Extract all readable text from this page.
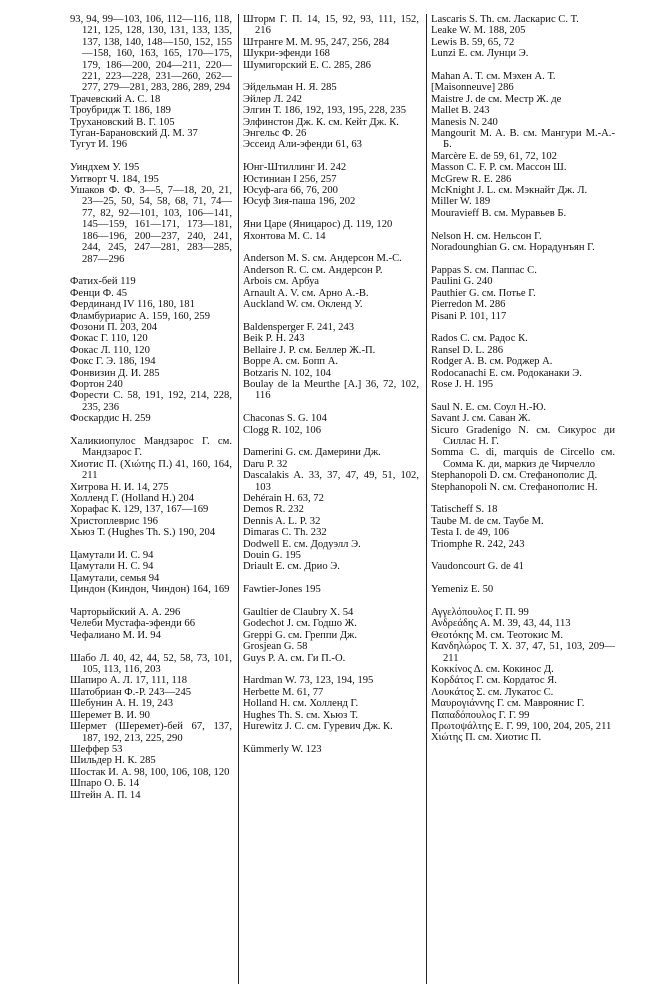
93, 94, 99—103, 106, 112—116, 118, 121, 125, 128, 130, 131, 133, 135, 137, 138, 140, 148—150, 152, 155—158, 160, 163, 165, 170—175, 179, 186—200, 204—211, 220—221, 223—228, 231—260, 262—277, 279—281, 283, 286, 289, 294
Трачевский А. С. 18
Троубридж Т. 186, 189
Трухановский В. Г. 105
Туган-Барановский Д. М. 37
Тугут И. 196
Уиндхем У. 195
Уитворт Ч. 184, 195
Ушаков Ф. Ф. 3—5, 7—18, 20, 21, 23—25, 50, 54, 58, 68, 71, 74—77, 82, 92—101, 103, 106—141, 145—159, 161—171, 173—181, 186—196, 200—237, 240, 241, 244, 245, 247—281, 283—285, 287—296
Фатих-бей 119
Фенци Ф. 45
Фердинанд IV 116, 180, 181
Фламбуриарис А. 159, 160, 259
Фозони П. 203, 204
Фокас Г. 110, 120
Фокас Л. 110, 120
Фокс Г. Э. 186, 194
Фонвизин Д. И. 285
Фортон 240
Форести С. 58, 191, 192, 214, 228, 235, 236
Фоскардис Н. 259
Халикиопулос Мандзарос Г. см. Мандзарос Г.
Хиотис П. (Χιώτης Π.) 41, 160, 164, 211
Хитрова Н. И. 14, 275
Холленд Г. (Holland H.) 204
Хорафас К. 129, 137, 167—169
Христоплеврис 196
Хьюз Т. (Hughes Th. S.) 190, 204
Цамутали И. С. 94
Цамутали Н. С. 94
Цамутали, семья 94
Циндон (Киндон, Чиндон) 164, 169
Чарторыйский А. А. 296
Челеби Мустафа-эфенди 66
Чефалиано М. И. 94
Шабо Л. 40, 42, 44, 52, 58, 73, 101, 105, 113, 116, 203
Шапиро А. Л. 17, 111, 118
Шатобриан Ф.-Р. 243—245
Шебунин А. Н. 19, 243
Шеремет В. И. 90
Шермет (Шеремет)-бей 67, 137, 187, 192, 213, 225, 290
Шеффер 53
Шильдер Н. К. 285
Шостак И. А. 98, 100, 106, 108, 120
Шпаро О. Б. 14
Штейн А. П. 14
Шторм Г. П. 14, 15, 92, 93, 111, 152, 216
Штранге М. М. 95, 247, 256, 284
Шукри-эфенди 168
Шумигорский Е. С. 285, 286
Эйдельман Н. Я. 285
Эйлер Л. 242
Элгин Т. 186, 192, 193, 195, 228, 235
Элфинстон Дж. К. см. Кейт Дж. К.
Энгельс Ф. 26
Эссеид Али-эфенди 61, 63
Юнг-Штиллинг И. 242
Юстиниан I 256, 257
Юсуф-ага 66, 76, 200
Юсуф Зия-паша 196, 202
Яни Царе (Яницарос) Д. 119, 120
Яхонтова М. С. 14
Anderson M. S. см. Андерсон М.-С.
Anderson R. C. см. Андерсон Р.
Arbois см. Арбуа
Arnault A. V. см. Арно А.-В.
Auckland W. см. Окленд У.
Baldensperger F. 241, 243
Beik P. H. 243
Bellaire J. P. см. Беллер Ж.-П.
Boppe A. см. Бопп А.
Botzaris N. 102, 104
Boulay de la Meurthe [A.] 36, 72, 102, 116
Chaconas S. G. 104
Clogg R. 102, 106
Damerini G. см. Дамерини Дж.
Daru P. 32
Dascalakis A. 33, 37, 47, 49, 51, 102, 103
Dehérain H. 63, 72
Demos R. 232
Dennis A. L. P. 32
Dimaras C. Th. 232
Dodwell E. см. Додуэлл Э.
Douin G. 195
Driault E. см. Дрио Э.
Fawtier-Jones 195
Gaultier de Claubry X. 54
Godechot J. см. Годшо Ж.
Greppi G. см. Греппи Дж.
Grosjean G. 58
Guys P. A. см. Ги П.-О.
Hardman W. 73, 123, 194, 195
Herbette M. 61, 77
Holland H. см. Холленд Г.
Hughes Th. S. см. Хьюз Т.
Hurewitz J. C. см. Гуревич Дж. К.
Kümmerly W. 123
Lascaris S. Th. см. Ласкарис С. Т.
Leake W. M. 188, 205
Lewis B. 59, 65, 72
Lunzi E. см. Лунци Э.
Mahan A. T. см. Мэхен А. Т.
[Maisonneuve] 286
Maistre J. de см. Местр Ж. де
Mallet B. 243
Manesis N. 240
Mangourit M. A. B. см. Мангури М.-А.-Б.
Marcère E. de 59, 61, 72, 102
Masson C. F. P. см. Массон Ш.
McGrew R. E. 286
McKnight J. L. см. Мэкнайт Дж. Л.
Miller W. 189
Mouravieff B. см. Муравьев Б.
Nelson H. см. Нельсон Г.
Noradounghian G. см. Норадунъян Г.
Pappas S. см. Паппас С.
Paulini G. 240
Pauthier G. см. Потье Г.
Pierredon M. 286
Pisani P. 101, 117
Rados C. см. Радос К.
Ransel D. L. 286
Rodger A. B. см. Роджер А.
Rodocanachi E. см. Родоканаки Э.
Rose J. H. 195
Saul N. E. см. Соул Н.-Ю.
Savant J. см. Саван Ж.
Sicuro Gradenigo N. см. Сикурос ди Силлас Н. Г.
Somma C. di, marquis de Circello см. Сомма К. ди, маркиз де Чирчелло
Stephanopoli D. см. Стефанополис Д.
Stephanopoli N. см. Стефанополис Н.
Tatischeff S. 18
Taube M. de см. Таубе М.
Testa I. de 49, 106
Triomphe R. 242, 243
Vaudoncourt G. de 41
Yemeniz E. 50
Αγγελόπουλος Γ. Π. 99
Ανδρεάδης Α. Μ. 39, 43, 44, 113
Θεοτόκης Μ. см. Теотокис М.
Κανδηλώρος Τ. Χ. 37, 47, 51, 103, 209—211
Κοκκίνος Δ. см. Кокинос Д.
Κορδάτος Γ. см. Кордатос Я.
Λουκάτος Σ. см. Лукатос С.
Μαυρογιάννης Γ. см. Мавроянис Г.
Παπαδόπουλος Γ. Γ. 99
Πρωτοψάλτης Ε. Γ. 99, 100, 204, 205, 211
Χιώτης Π. см. Хиотис П.
